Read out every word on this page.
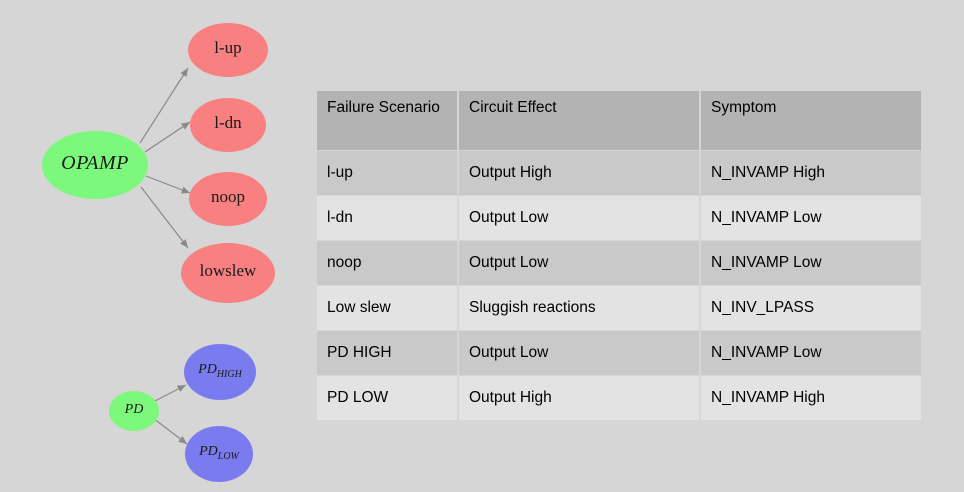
OPAMP
l-up
l-dn
noop
lowslew
PD
$PD_{HIGH}$
$PD_{LOW}$
Failure Scenario	Circuit Effect	Symptom
l-up	Output High	N_INVAMP High
l-dn	Output Low	N_INVAMP Low
noop	Output Low	N_INVAMP Low
Low slew	Sluggish reactions	N_INV_LPASS
PD HIGH	Output Low	N_INVAMP Low
PD LOW	Output High	N_INVAMP High
